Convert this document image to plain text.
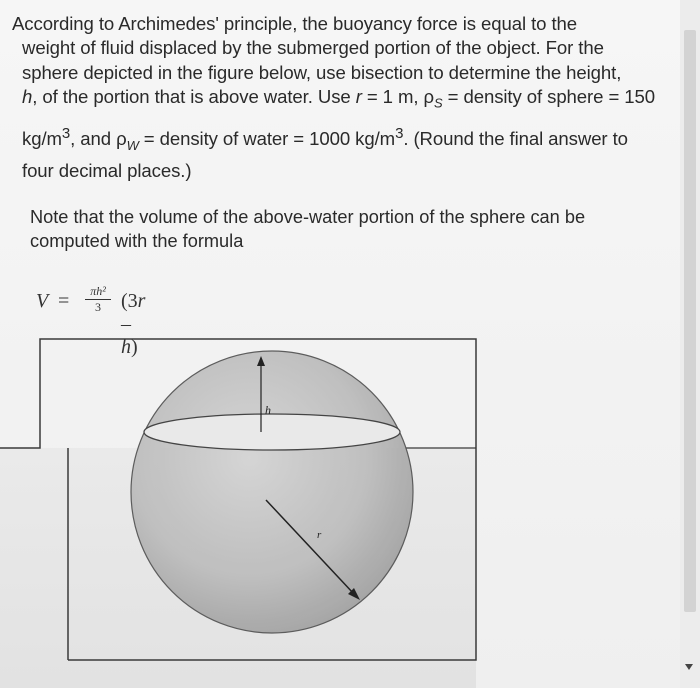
According to Archimedes' principle, the buoyancy force is equal to the
weight of fluid displaced by the submerged portion of the object. For the
sphere depicted in the figure below, use bisection to determine the height,
h, of the portion that is above water. Use r = 1 m, $\rho_S$ = density of sphere = 150
$kg/m^3$, and $\rho_W$ = density of water = 1000 $kg/m^3$. (Round the final answer to
four decimal places.)
Note that the volume of the above-water portion of the sphere can be
computed with the formula
V =	πh²
3	(3r – h)
h
r
